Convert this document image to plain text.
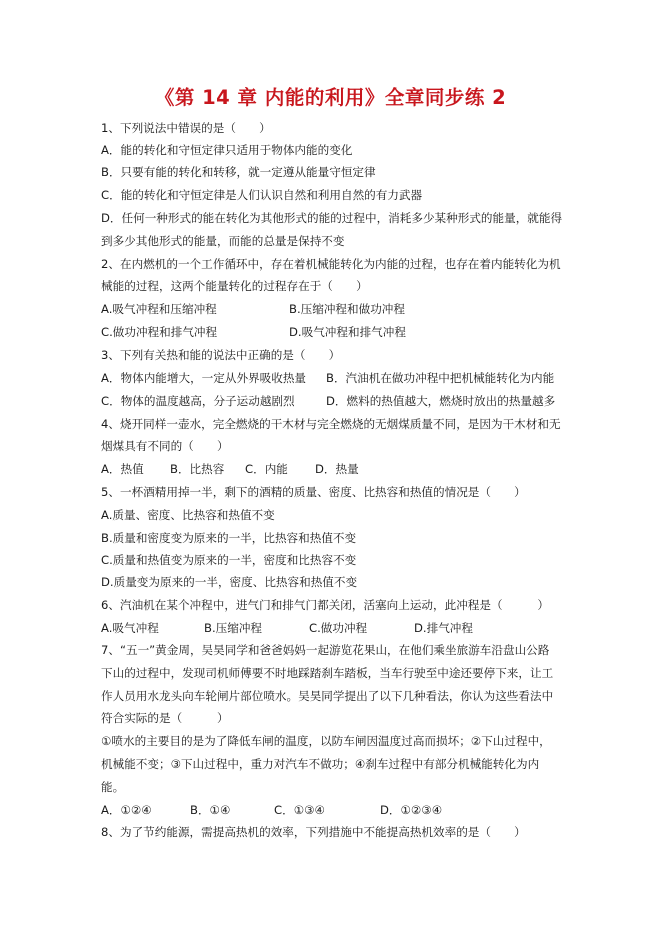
《第 14 章 内能的利用》全章同步练 2
1、下列说法中错误的是（　　）
A．能的转化和守恒定律只适用于物体内能的变化
B．只要有能的转化和转移，就一定遵从能量守恒定律
C．能的转化和守恒定律是人们认识自然和利用自然的有力武器
D．任何一种形式的能在转化为其他形式的能的过程中，消耗多少某种形式的能量，就能得
到多少其他形式的能量，而能的总量是保持不变
2、在内燃机的一个工作循环中，存在着机械能转化为内能的过程，也存在着内能转化为机
械能的过程，这两个能量转化的过程存在于（　　）
A.吸气冲程和压缩冲程	B.压缩冲程和做功冲程
C.做功冲程和排气冲程	D.吸气冲程和排气冲程
3、下列有关热和能的说法中正确的是（　　）
A．物体内能增大，一定从外界吸收热量 B．汽油机在做功冲程中把机械能转化为内能
C．物体的温度越高，分子运动越剧烈	D．燃料的热值越大，燃烧时放出的热量越多
4、烧开同样一壶水，完全燃烧的干木材与完全燃烧的无烟煤质量不同，是因为干木材和无
烟煤具有不同的（　　）
A．热值 B．比热容 C．内能 D．热量
5、一杯酒精用掉一半，剩下的酒精的质量、密度、比热容和热值的情况是（　　）
A.质量、密度、比热容和热值不变
B.质量和密度变为原来的一半，比热容和热值不变
C.质量和热值变为原来的一半，密度和比热容不变
D.质量变为原来的一半，密度、比热容和热值不变
6、汽油机在某个冲程中，进气门和排气门都关闭，活塞向上运动，此冲程是（　　　）
A.吸气冲程	B.压缩冲程	C.做功冲程	D.排气冲程
7、“五一”黄金周，吴昊同学和爸爸妈妈一起游览花果山，在他们乘坐旅游车沿盘山公路
下山的过程中，发现司机师傅要不时地踩踏刹车踏板，当车行驶至中途还要停下来，让工
作人员用水龙头向车轮闸片部位喷水。吴昊同学提出了以下几种看法，你认为这些看法中
符合实际的是（　　　）
①喷水的主要目的是为了降低车闸的温度，以防车闸因温度过高而损坏；②下山过程中，
机械能不变；③下山过程中，重力对汽车不做功；④刹车过程中有部分机械能转化为内
能。
A．①②④	B．①④	C．①③④	D．①②③④
8、为了节约能源，需提高热机的效率，下列措施中不能提高热机效率的是（　　）
